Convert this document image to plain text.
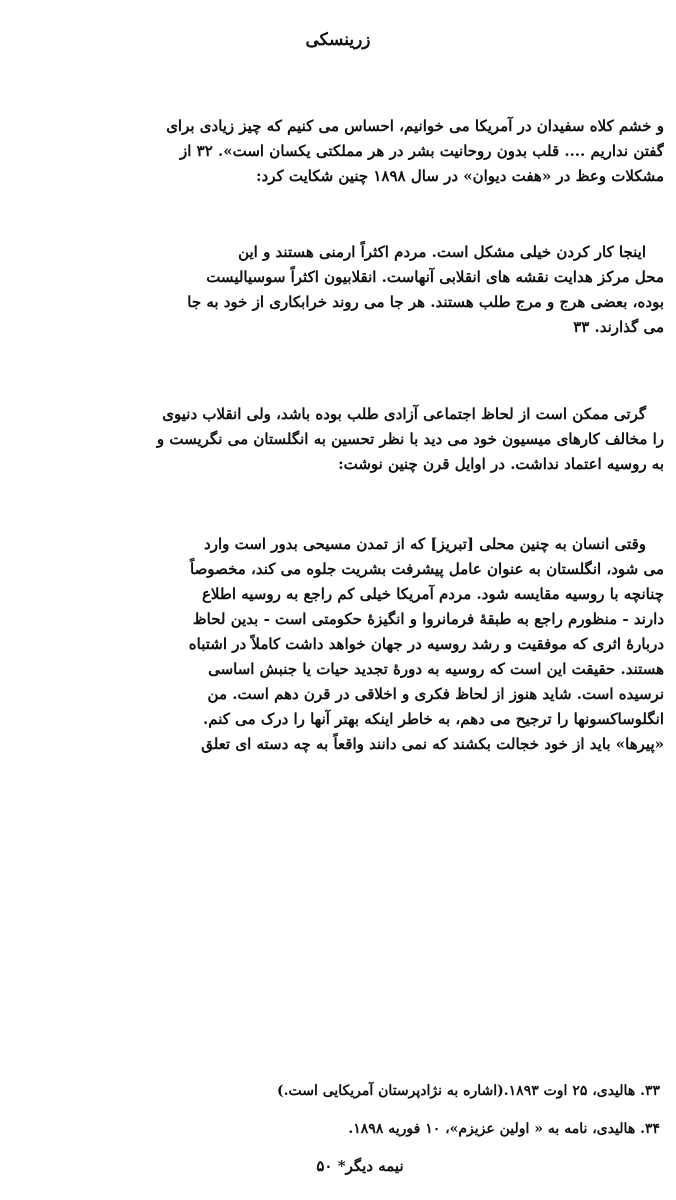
زرینسکی
و خشم کلاه سفیدان در آمریکا می خوانیم، احساس می کنیم که چیز زیادی برای
گفتن نداریم .... قلب بدون روحانیت بشر در هر مملکتی یکسان است». ۳۲ از
مشکلات وعظ در «هفت دیوان» در سال ۱۸۹۸ چنین شکایت کرد:
اینجا کار کردن خیلی مشکل است. مردم اکثراً ارمنی هستند و این
محل مرکز هدایت نقشه های انقلابی آنهاست. انقلابیون اکثراً سوسیالیست
بوده، بعضی هرج و مرج طلب هستند. هر جا می روند خرابکاری از خود به جا
می گذارند. ۳۳
گرتی ممکن است از لحاظ اجتماعی آزادی طلب بوده باشد، ولی انقلاب دنیوی
را مخالف کارهای میسیون خود می دید با نظر تحسین به انگلستان می نگریست و
به روسیه اعتماد نداشت. در اوایل قرن چنین نوشت:
وقتی انسان به چنین محلی [تبریز] که از تمدن مسیحی بدور است وارد
می شود، انگلستان به عنوان عامل پیشرفت بشریت جلوه می کند، مخصوصاً
چنانچه با روسیه مقایسه شود. مردم آمریکا خیلی کم راجع به روسیه اطلاع
دارند - منظورم راجع به طبقهٔ فرمانروا و انگیزهٔ حکومتی است - بدین لحاظ
دربارهٔ اثری که موفقیت و رشد روسیه در جهان خواهد داشت کاملاً در اشتباه
هستند. حقیقت این است که روسیه به دورهٔ تجدید حیات یا جنبش اساسی
نرسیده است. شاید هنوز از لحاظ فکری و اخلاقی در قرن دهم است. من
انگلوساکسونها را ترجیح می دهم، به خاطر اینکه بهتر آنها را درک می کنم.
«پیرها» باید از خود خجالت بکشند که نمی دانند واقعاً به چه دسته ای تعلق
۳۳. هالیدی، ۲۵ اوت ۱۸۹۳.(اشاره به نژادپرستان آمریکایی است.)
۳۴. هالیدی، نامه به « اولین عزیزم»، ۱۰ فوریه ۱۸۹۸.
نیمه دیگر* ۵۰
